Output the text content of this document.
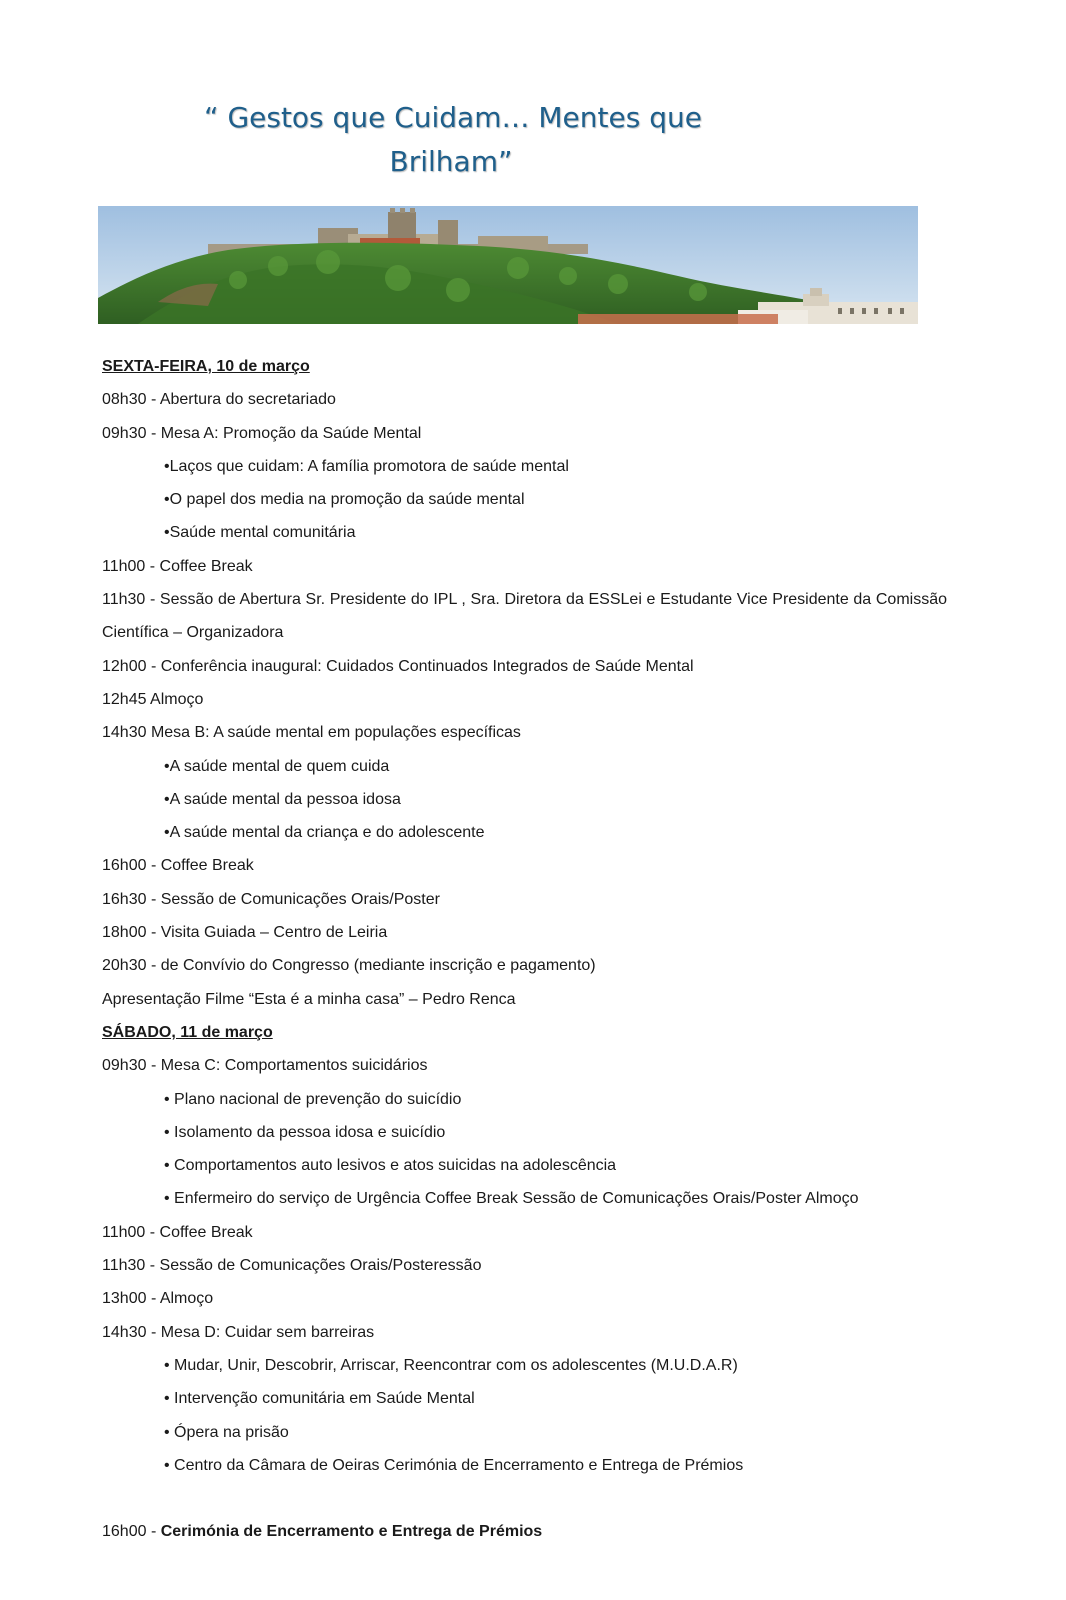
“ Gestos que Cuidam… Mentes que
Brilham”
SEXTA-FEIRA, 10 de março
08h30 - Abertura do secretariado
09h30 - Mesa A: Promoção da Saúde Mental
•Laços que cuidam: A família promotora de saúde mental
•O papel dos media na promoção da saúde mental
•Saúde mental comunitária
11h00 - Coffee Break
11h30 - Sessão de Abertura Sr. Presidente do IPL , Sra. Diretora da ESSLei e Estudante Vice Presidente da Comissão Científica – Organizadora
12h00 - Conferência inaugural: Cuidados Continuados Integrados de Saúde Mental
12h45 Almoço
14h30 Mesa B: A saúde mental em populações específicas
•A saúde mental de quem cuida
•A saúde mental da pessoa idosa
•A saúde mental da criança e do adolescente
16h00 - Coffee Break
16h30 - Sessão de Comunicações Orais/Poster
18h00 - Visita Guiada – Centro de Leiria
20h30 - de Convívio do Congresso (mediante inscrição e pagamento)
Apresentação Filme “Esta é a minha casa” – Pedro Renca
SÁBADO, 11 de março
09h30 - Mesa C: Comportamentos suicidários
• Plano nacional de prevenção do suicídio
• Isolamento da pessoa idosa e suicídio
• Comportamentos auto lesivos e atos suicidas na adolescência
• Enfermeiro do serviço de Urgência Coffee Break Sessão de Comunicações Orais/Poster Almoço
11h00 - Coffee Break
11h30 - Sessão de Comunicações Orais/Posteressão
13h00 - Almoço
14h30 - Mesa D: Cuidar sem barreiras
• Mudar, Unir, Descobrir, Arriscar, Reencontrar com os adolescentes (M.U.D.A.R)
• Intervenção comunitária em Saúde Mental
• Ópera na prisão
• Centro da Câmara de Oeiras Cerimónia de Encerramento e Entrega de Prémios
16h00 - Cerimónia de Encerramento e Entrega de Prémios
